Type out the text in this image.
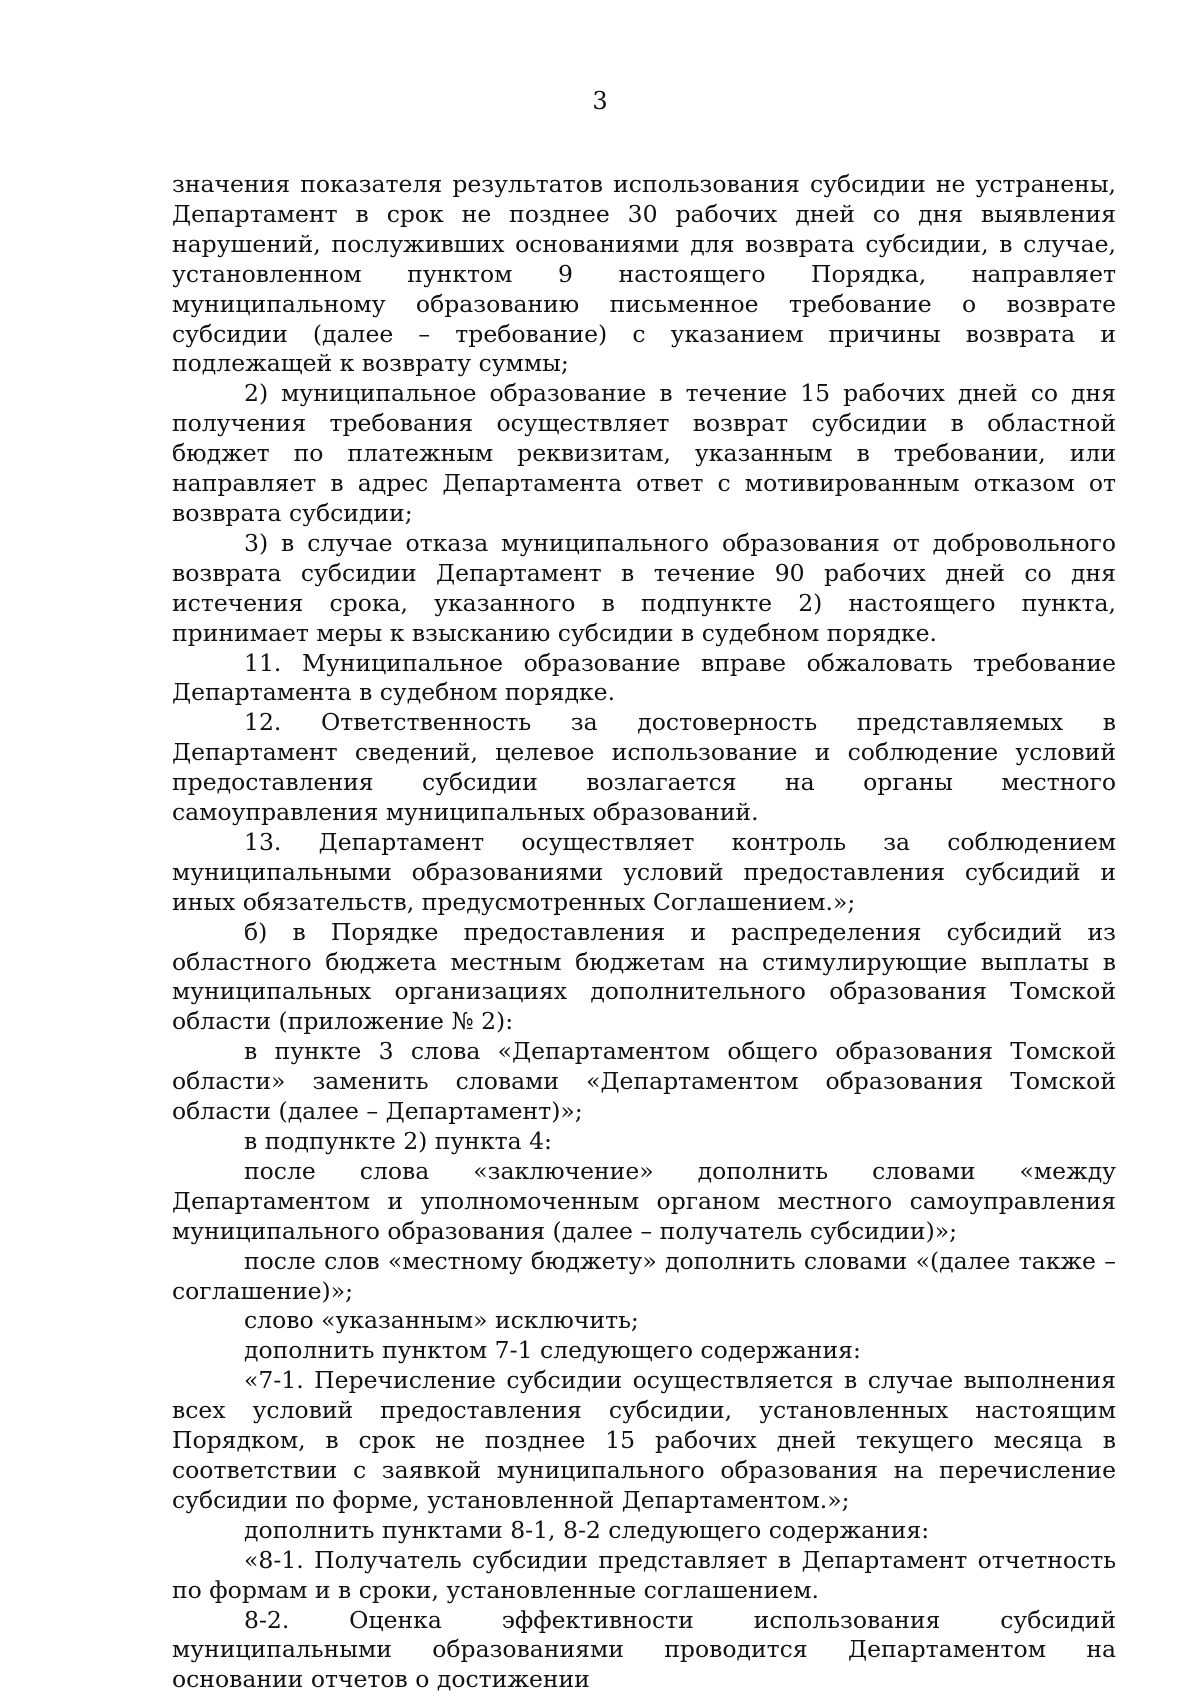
3

значения показателя результатов использования субсидии не устранены, Департамент в срок не позднее 30 рабочих дней со дня выявления нарушений, послуживших основаниями для возврата субсидии, в случае, установленном пунктом 9 настоящего Порядка, направляет муниципальному образованию письменное требование о возврате субсидии (далее – требование) с указанием причины возврата и подлежащей к возврату суммы;

2) муниципальное образование в течение 15 рабочих дней со дня получения требования осуществляет возврат субсидии в областной бюджет по платежным реквизитам, указанным в требовании, или направляет в адрес Департамента ответ с мотивированным отказом от возврата субсидии;

3) в случае отказа муниципального образования от добровольного возврата субсидии Департамент в течение 90 рабочих дней со дня истечения срока, указанного в подпункте 2) настоящего пункта, принимает меры к взысканию субсидии в судебном порядке.

11. Муниципальное образование вправе обжаловать требование Департамента в судебном порядке.

12. Ответственность за достоверность представляемых в Департамент сведений, целевое использование и соблюдение условий предоставления субсидии возлагается на органы местного самоуправления муниципальных образований.

13. Департамент осуществляет контроль за соблюдением муниципальными образованиями условий предоставления субсидий и иных обязательств, предусмотренных Соглашением.»;

б) в Порядке предоставления и распределения субсидий из областного бюджета местным бюджетам на стимулирующие выплаты в муниципальных организациях дополнительного образования Томской области (приложение № 2):

в пункте 3 слова «Департаментом общего образования Томской области» заменить словами «Департаментом образования Томской области (далее – Департамент)»;

в подпункте 2) пункта 4:

после слова «заключение» дополнить словами «между Департаментом и уполномоченным органом местного самоуправления муниципального образования (далее – получатель субсидии)»;

после слов «местному бюджету» дополнить словами «(далее также – соглашение)»;

слово «указанным» исключить;

дополнить пунктом 7-1 следующего содержания:

«7-1. Перечисление субсидии осуществляется в случае выполнения всех условий предоставления субсидии, установленных настоящим Порядком, в срок не позднее 15 рабочих дней текущего месяца в соответствии с заявкой муниципального образования на перечисление субсидии по форме, установленной Департаментом.»;

дополнить пунктами 8-1, 8-2 следующего содержания:

«8-1. Получатель субсидии представляет в Департамент отчетность по формам и в сроки, установленные соглашением.

8-2. Оценка эффективности использования субсидий муниципальными образованиями проводится Департаментом на основании отчетов о достижении
